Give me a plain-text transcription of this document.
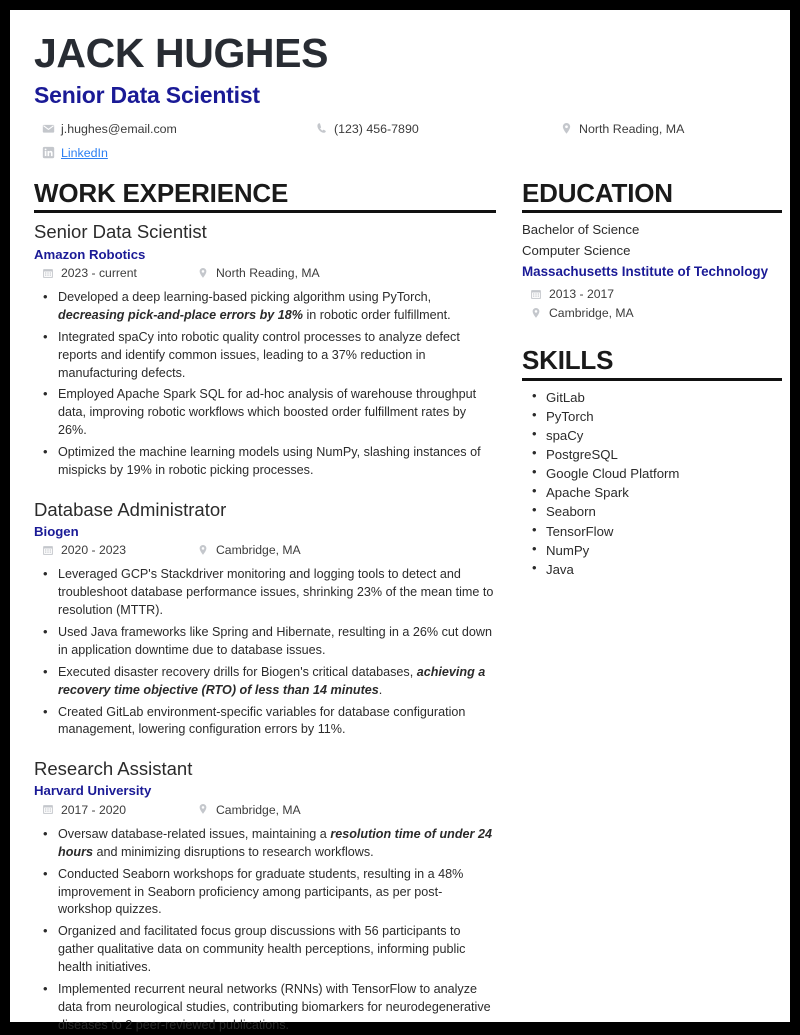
JACK HUGHES
Senior Data Scientist
j.hughes@email.com	(123) 456-7890	North Reading, MA
LinkedIn
WORK EXPERIENCE
Senior Data Scientist
Amazon Robotics
2023 - current	North Reading, MA
• Developed a deep learning-based picking algorithm using PyTorch, decreasing pick-and-place errors by 18% in robotic order fulfillment.
• Integrated spaCy into robotic quality control processes to analyze defect reports and identify common issues, leading to a 37% reduction in manufacturing defects.
• Employed Apache Spark SQL for ad-hoc analysis of warehouse throughput data, improving robotic workflows which boosted order fulfillment rates by 26%.
• Optimized the machine learning models using NumPy, slashing instances of mispicks by 19% in robotic picking processes.
Database Administrator
Biogen
2020 - 2023	Cambridge, MA
• Leveraged GCP's Stackdriver monitoring and logging tools to detect and troubleshoot database performance issues, shrinking 23% of the mean time to resolution (MTTR).
• Used Java frameworks like Spring and Hibernate, resulting in a 26% cut down in application downtime due to database issues.
• Executed disaster recovery drills for Biogen's critical databases, achieving a recovery time objective (RTO) of less than 14 minutes.
• Created GitLab environment-specific variables for database configuration management, lowering configuration errors by 11%.
Research Assistant
Harvard University
2017 - 2020	Cambridge, MA
• Oversaw database-related issues, maintaining a resolution time of under 24 hours and minimizing disruptions to research workflows.
• Conducted Seaborn workshops for graduate students, resulting in a 48% improvement in Seaborn proficiency among participants, as per post-workshop quizzes.
• Organized and facilitated focus group discussions with 56 participants to gather qualitative data on community health perceptions, informing public health initiatives.
• Implemented recurrent neural networks (RNNs) with TensorFlow to analyze data from neurological studies, contributing biomarkers for neurodegenerative diseases to 2 peer-reviewed publications.
EDUCATION
Bachelor of Science
Computer Science
Massachusetts Institute of Technology
2013 - 2017
Cambridge, MA
SKILLS
• GitLab
• PyTorch
• spaCy
• PostgreSQL
• Google Cloud Platform
• Apache Spark
• Seaborn
• TensorFlow
• NumPy
• Java
